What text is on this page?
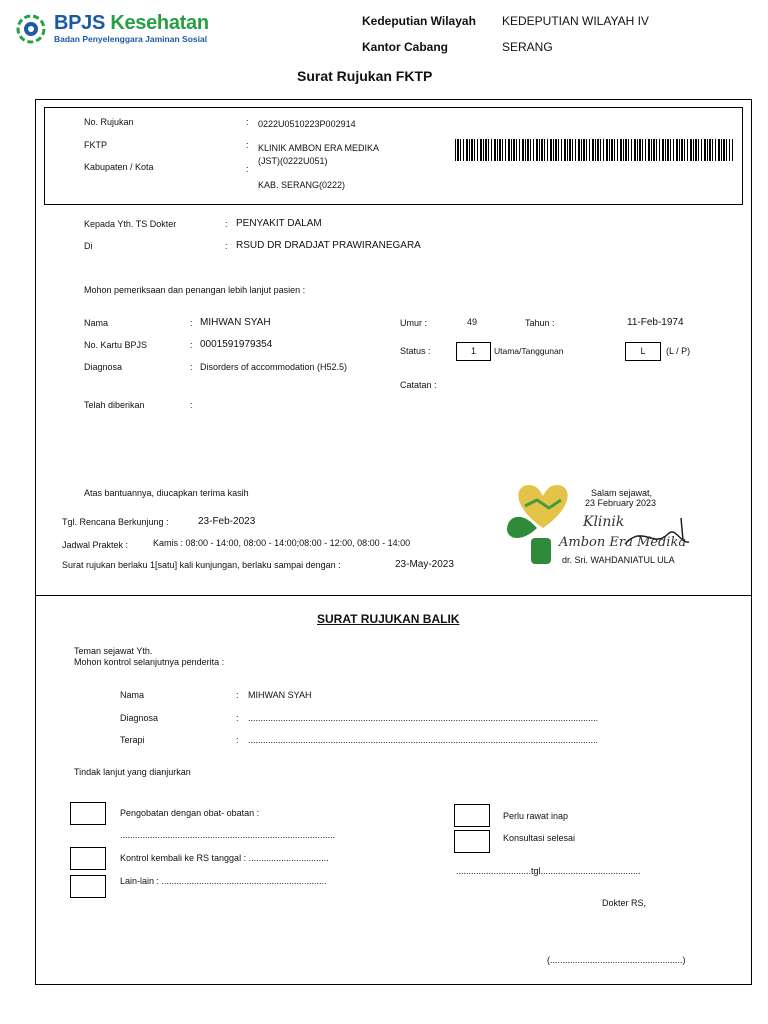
BPJS Kesehatan
Badan Penyelenggara Jaminan Sosial
Kedeputian Wilayah KEDEPUTIAN WILAYAH IV
Kantor Cabang	SERANG
Surat Rujukan FKTP
No. Rujukan	: 0222U0510223P002914
FKTP	: KLINIK AMBON ERA MEDIKA
(JST)(0222U051)
Kabupaten / Kota	:
KAB. SERANG(0222)
Kepada Yth. TS Dokter	: PENYAKIT DALAM
Di	: RSUD DR DRADJAT PRAWIRANEGARA
Mohon pemeriksaan dan penangan lebih lanjut pasien :
Nama	: MIHWAN SYAH
No. Kartu BPJS	: 0001591979354
Diagnosa	: Disorders of accommodation (H52.5)
Telah diberikan	:
Umur :	49	Tahun :	11-Feb-1974
Status :	1	Utama/Tanggunan	L	(L / P)
Catatan :
Atas bantuannya, diucapkan terima kasih
Klinik
Ambon Era Medika
Salam sejawat,
23 February 2023
dr. Sri. WAHDANIATUL ULA
Tgl. Rencana Berkunjung :	23-Feb-2023
Jadwal Praktek :	Kamis : 08:00 - 14:00, 08:00 - 14:00;08:00 - 12:00, 08:00 - 14:00
Surat rujukan berlaku 1[satu] kali kunjungan, berlaku sampai dengan :	23-May-2023
SURAT RUJUKAN BALIK
Teman sejawat Yth.
Mohon kontrol selanjutnya penderita :
Nama	: MIHWAN SYAH
Diagnosa	: ............................................................................................................................................
Terapi	: ............................................................................................................................................
Tindak lanjut yang dianjurkan
Pengobatan dengan obat- obatan :
......................................................................................
Kontrol kembali ke RS tanggal : ................................
Lain-lain : ..................................................................
Perlu rawat inap
Konsultasi selesai
..............................tgl........................................
Dokter RS,
(.....................................................)
